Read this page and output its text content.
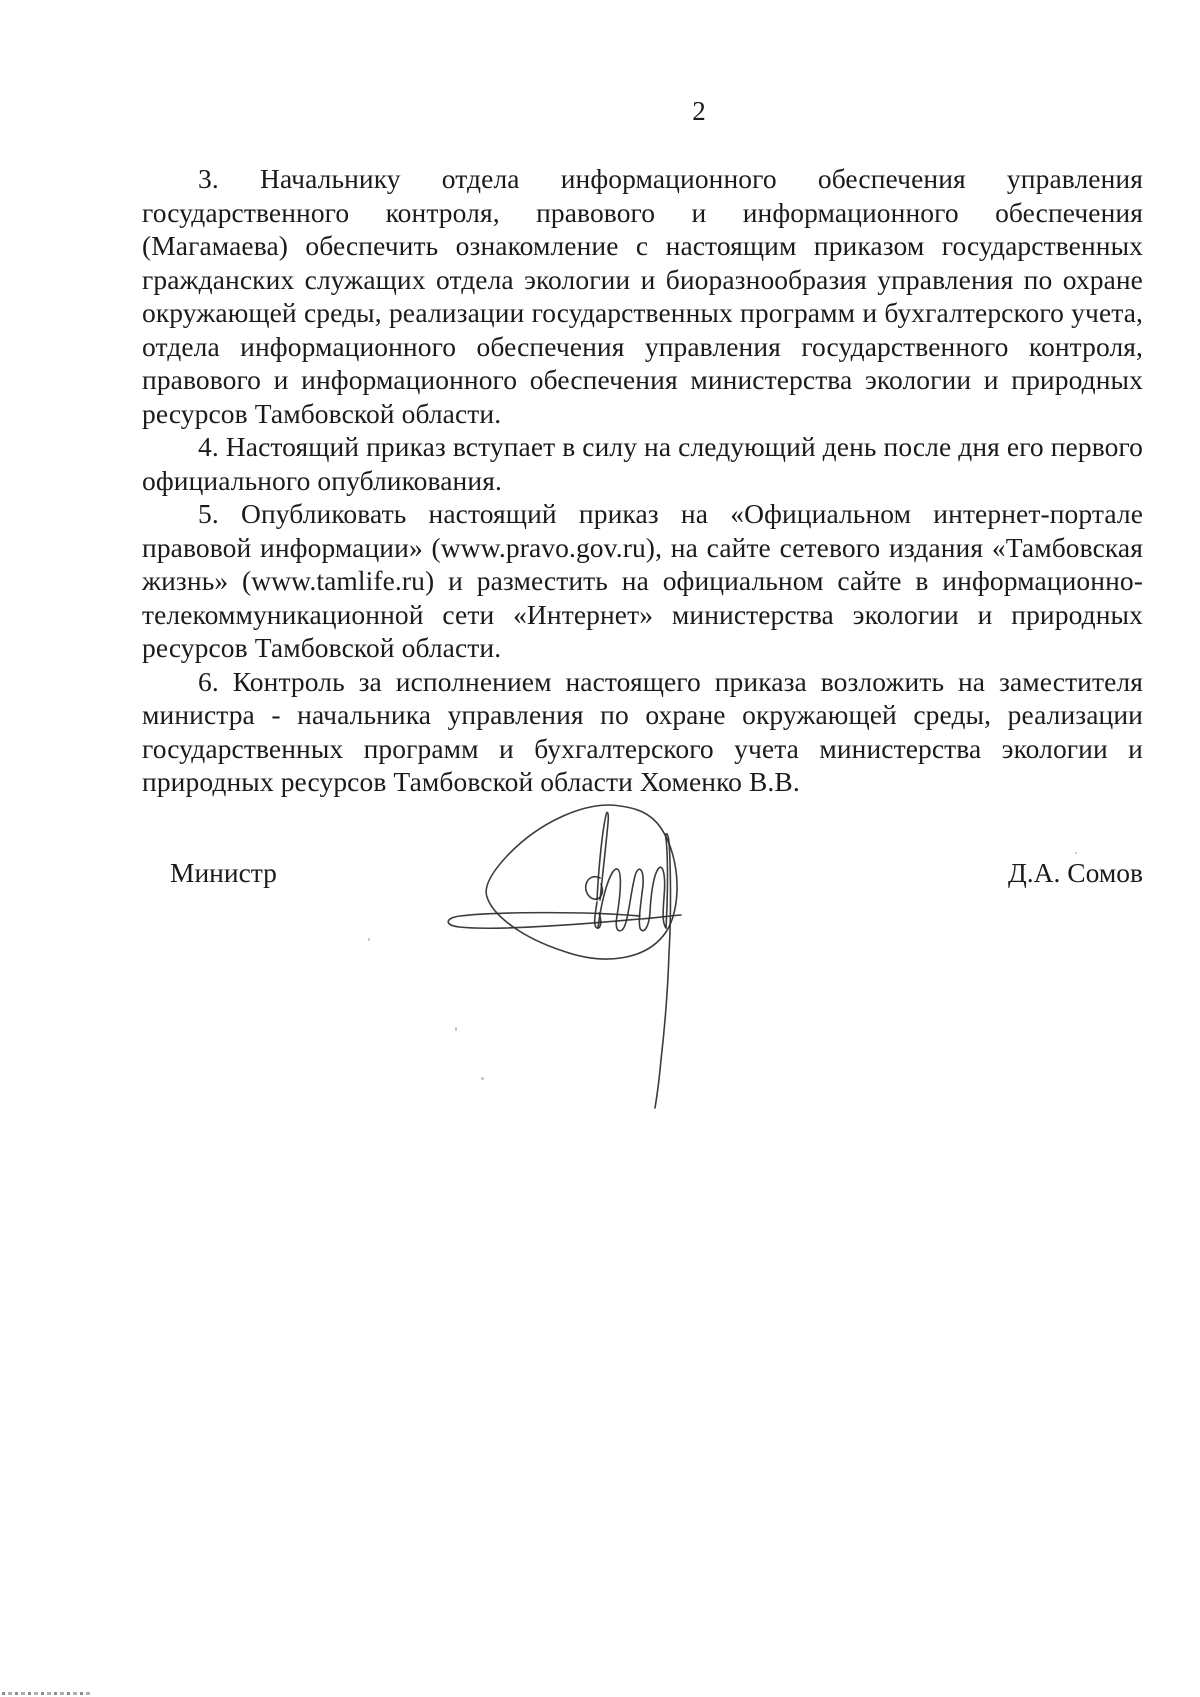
2

3. Начальнику отдела информационного обеспечения управления государственного контроля, правового и информационного обеспечения (Магамаева) обеспечить ознакомление с настоящим приказом государственных гражданских служащих отдела экологии и биоразнообразия управления по охране окружающей среды, реализации государственных программ и бухгалтерского учета, отдела информационного обеспечения управления государственного контроля, правового и информационного обеспечения министерства экологии и природных ресурсов Тамбовской области.

4. Настоящий приказ вступает в силу на следующий день после дня его первого официального опубликования.

5. Опубликовать настоящий приказ на «Официальном интернет-портале правовой информации» (www.pravo.gov.ru), на сайте сетевого издания «Тамбовская жизнь» (www.tamlife.ru) и разместить на официальном сайте в информационно-телекоммуникационной сети «Интернет» министерства экологии и природных ресурсов Тамбовской области.

6. Контроль за исполнением настоящего приказа возложить на заместителя министра - начальника управления по охране окружающей среды, реализации государственных программ и бухгалтерского учета министерства экологии и природных ресурсов Тамбовской области Хоменко В.В.

Министр	Д.А. Сомов
